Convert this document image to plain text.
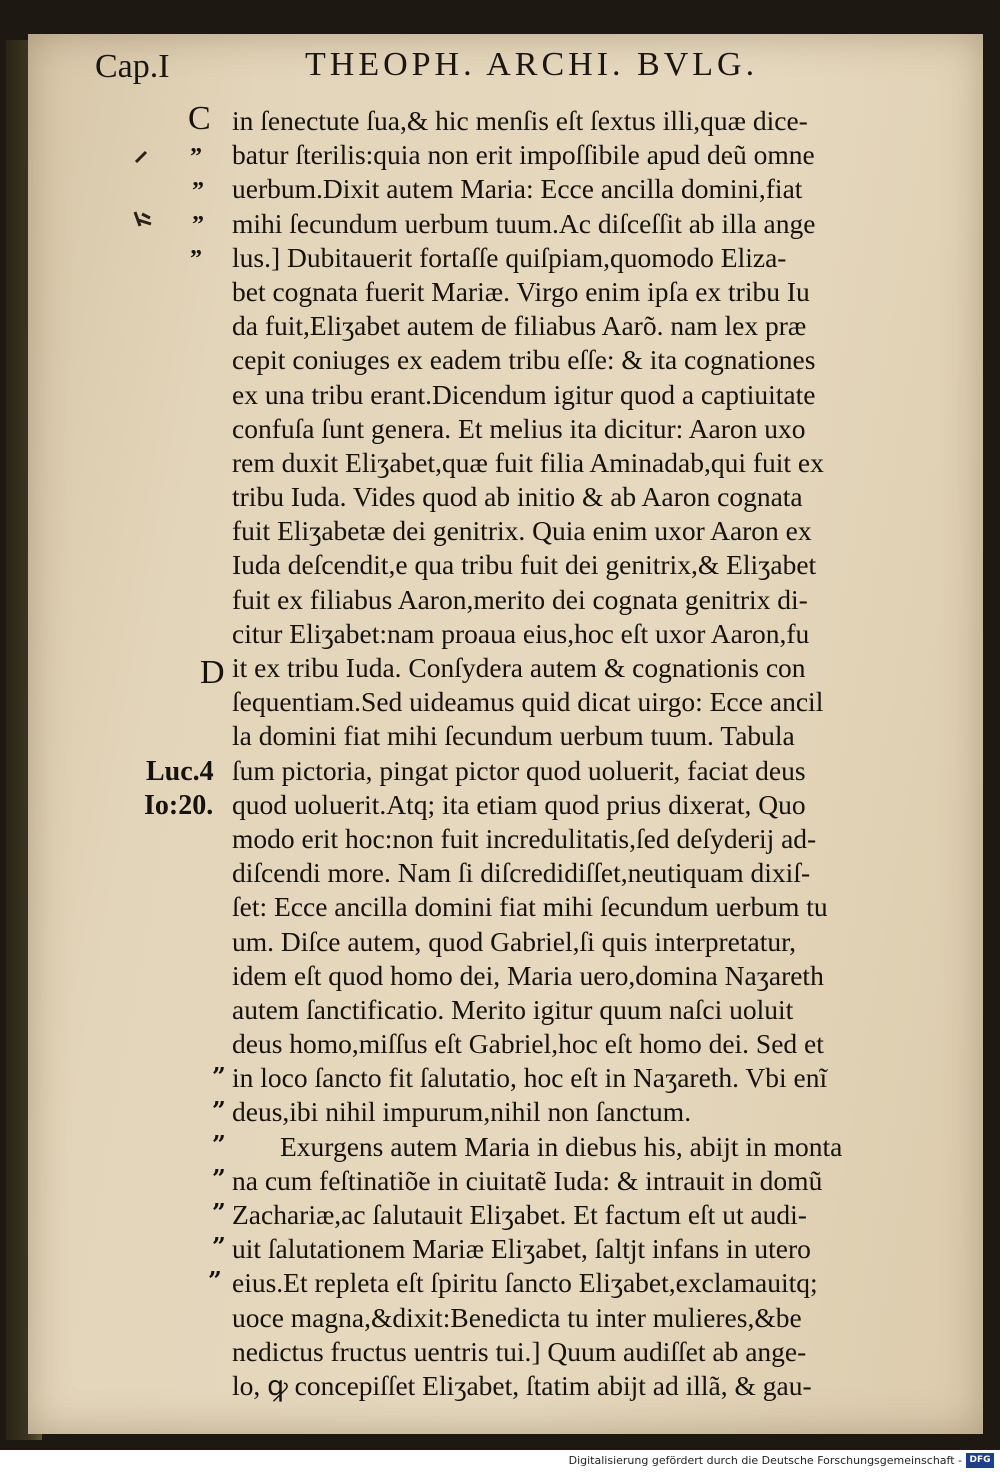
Cap.I	THEOPH. ARCHI. BVLG.
C
”
”
”
”
D
Luc.4
Io:20.
”
”
”
”
”
”
”
in ſenectute ſua,& hic menſis eſt ſextus illi,quæ dice-
batur ſterilis:quia non erit impoſſibile apud deũ omne
uerbum.Dixit autem Maria: Ecce ancilla domini,fiat
mihi ſecundum uerbum tuum.Ac diſceſſit ab illa ange
lus.] Dubitauerit fortaſſe quiſpiam,quomodo Eliza-
bet cognata fuerit Mariæ. Virgo enim ipſa ex tribu Iu
da fuit,Eliʒabet autem de filiabus Aarõ. nam lex præ
cepit coniuges ex eadem tribu eſſe: & ita cognationes
ex una tribu erant.Dicendum igitur quod a captiuitate
confuſa ſunt genera. Et melius ita dicitur: Aaron uxo
rem duxit Eliʒabet,quæ fuit filia Aminadab,qui fuit ex
tribu Iuda. Vides quod ab initio & ab Aaron cognata
fuit Eliʒabetæ dei genitrix. Quia enim uxor Aaron ex
Iuda deſcendit,e qua tribu fuit dei genitrix,& Eliʒabet
fuit ex filiabus Aaron,merito dei cognata genitrix di-
citur Eliʒabet:nam proaua eius,hoc eſt uxor Aaron,fu
it ex tribu Iuda. Conſydera autem & cognationis con
ſequentiam.Sed uideamus quid dicat uirgo: Ecce ancil
la domini fiat mihi ſecundum uerbum tuum. Tabula
ſum pictoria, pingat pictor quod uoluerit, faciat deus
quod uoluerit.Atq; ita etiam quod prius dixerat, Quo
modo erit hoc:non fuit incredulitatis,ſed deſyderij ad-
diſcendi more. Nam ſi diſcredidiſſet,neutiquam dixiſ-
ſet: Ecce ancilla domini fiat mihi ſecundum uerbum tu
um. Diſce autem, quod Gabriel,ſi quis interpretatur,
idem eſt quod homo dei, Maria uero,domina Naʒareth
autem ſanctificatio. Merito igitur quum naſci uoluit
deus homo,miſſus eſt Gabriel,hoc eſt homo dei. Sed et
in loco ſancto fit ſalutatio, hoc eſt in Naʒareth. Vbi enĩ
deus,ibi nihil impurum,nihil non ſanctum.
Exurgens autem Maria in diebus his, abijt in monta
na cum feſtinatiõe in ciuitatẽ Iuda: & intrauit in domũ
Zachariæ,ac ſalutauit Eliʒabet. Et factum eſt ut audi-
uit ſalutationem Mariæ Eliʒabet, ſaltjt infans in utero
eius.Et repleta eſt ſpiritu ſancto Eliʒabet,exclamauitq;
uoce magna,&dixit:Benedicta tu inter mulieres,&be
nedictus fructus uentris tui.] Quum audiſſet ab ange-
lo, ꝙ concepiſſet Eliʒabet, ſtatim abijt ad illã, & gau-
Digitalisierung gefördert durch die Deutsche Forschungsgemeinschaft - DFG
